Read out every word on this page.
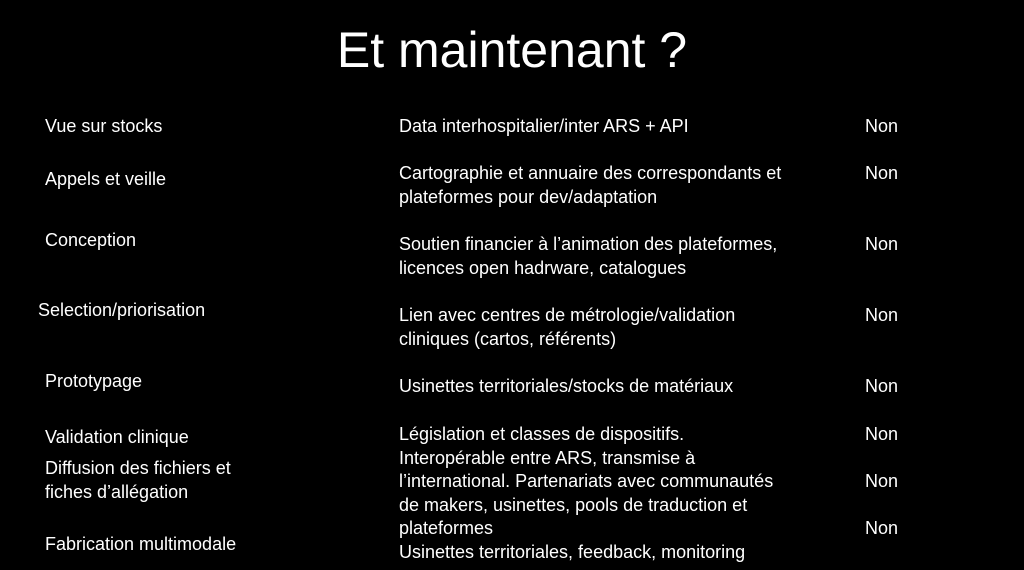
Et maintenant ?
Vue sur stocks
Appels et veille
Conception
Selection/priorisation
Prototypage
Validation clinique
Diffusion des fichiers et
fiches d’allégation
Fabrication multimodale
Data interhospitalier/inter ARS + API
Cartographie et annuaire des correspondants et
plateformes pour dev/adaptation
Soutien financier à l’animation des plateformes,
licences open hadrware, catalogues
Lien avec centres de métrologie/validation
cliniques (cartos, référents)
Usinettes territoriales/stocks de matériaux
Législation et classes de dispositifs.
Interopérable entre ARS, transmise à
l’international. Partenariats avec communautés
de makers, usinettes, pools de traduction et
plateformes
Usinettes territoriales, feedback, monitoring
Non
Non
Non
Non
Non
Non
Non
Non
